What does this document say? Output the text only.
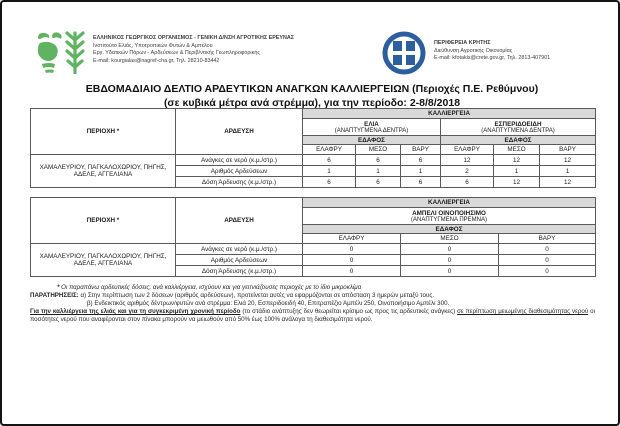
ΕΛΛΗΝΙΚΟΣ ΓΕΩΡΓΙΚΟΣ ΟΡΓΑΝΙΣΜΟΣ - ΓΕΝΙΚΗ Δ/ΝΣΗ ΑΓΡΟΤΙΚΗΣ ΕΡΕΥΝΑΣ
Ινστιτούτο Ελιάς, Υποτροπικών Φυτών & Αμπέλου
Εργ. Υδατικών Πόρων - Αρδεύσεων & Περιβ/ντικής Γεωπληροφορικής
E-mail: kourgialas@nagref-cha.gr, Τηλ. 28210-83442
ΠΕΡΙΦΕΡΕΙΑ ΚΡΗΤΗΣ
Διεύθυνση Αγροτικής Οικονομίας
E-mail: kfotakis@crete.gov.gr, Τηλ. 2813-407901
ΕΒΔΟΜΑΔΙΑΙΟ ΔΕΛΤΙΟ ΑΡΔΕΥΤΙΚΩΝ ΑΝΑΓΚΩΝ ΚΑΛΛΙΕΡΓΕΙΩΝ (Περιοχές Π.Ε. Ρεθύμνου)
(σε κυβικά μέτρα ανά στρέμμα), για την περίοδο: 2-8/8/2018
ΠΕΡΙΟΧΗ *	ΑΡΔΕΥΣΗ	ΚΑΛΛΙΕΡΓΕΙΑ					

ΕΛΙΑ
(ΑΝΑΠΤΥΓΜΕΝΑ ΔΕΝΤΡΑ)

ΕΣΠΕΡΙΔΟΕΙΔΗ
(ΑΝΑΠΤΥΓΜΕΝΑ ΔΕΝΤΡΑ)

		ΕΔΑΦΟΣ			ΕΔΑΦΟΣ		
		ΕΛΑΦΡΥ	ΜΕΣΟ	ΒΑΡΥ	ΕΛΑΦΡΥ	ΜΕΣΟ	ΒΑΡΥ
ΧΑΜΑΛΕΥΡΙΟΥ, ΠΑΓΚΑΛΟΧΩΡΙΟΥ, ΠΗΓΗΣ, ΑΔΕΛΕ, ΑΓΓΕΛΙΑΝΑ	Ανάγκες σε νερό (κ.μ./στρ.)	6	6	6	12	12	12
	Αριθμός Αρδεύσεων	1	1	1	2	1	1
	Δόση Άρδευσης (κ.μ./στρ.)	6	6	6	6	12	12
ΠΕΡΙΟΧΗ *	ΑΡΔΕΥΣΗ	ΚΑΛΛΙΕΡΓΕΙΑ		

		ΑΜΠΕΛΙ ΟΙΝΟΠΟΙΗΣΙΜΟ
(ΑΝΑΠΤΥΓΜΕΝΑ ΠΡΕΜΝΑ)		

		ΕΔΑΦΟΣ		
		ΕΛΑΦΡΥ	ΜΕΣΟ	ΒΑΡΥ
ΧΑΜΑΛΕΥΡΙΟΥ, ΠΑΓΚΑΛΟΧΩΡΙΟΥ, ΠΗΓΗΣ, ΑΔΕΛΕ, ΑΓΓΕΛΙΑΝΑ	Ανάγκες σε νερό (κ.μ./στρ.)	0	0	0
	Αριθμός Αρδεύσεων	0	0	0
	Δόση Άρδευσης (κ.μ./στρ.)	0	0	0
* Οι παραπάνω αρδευτικές δόσεις, ανά καλλιέργεια, ισχύουν και για γειτνιάζουσες περιοχές με το ίδιο μικροκλίμα
ΠΑΡΑΤΗΡΗΣΕΙΣ: α) Στην περίπτωση των 2 δόσεων (αριθμός αρδεύσεων), προτείνεται αυτές να εφαρμόζονται σε απόσταση 3 ημερών μεταξύ τους.
β) Ενδεικτικός αριθμός δέντρων/φυτών ανά στρέμμα: Ελιά 20, Εσπεριδοειδή 40, Επιτραπέζιο Αμπέλι 250, Οινοποιήσιμο Αμπέλι 300.
Για την καλλιέργεια της ελιάς και για τη συγκεκριμένη χρονική περίοδο (το στάδιο ανάπτυξης δεν θεωρείται κρίσιμο ως προς τις αρδευτικές ανάγκες) σε περίπτωση μειωμένης διαθεσιμότητας νερού οι ποσότητες νερού που αναφέρονται στον πίνακα μπορούν να μειωθούν από 50% έως 100% ανάλογα τη διαθεσιμότητα νερού.
